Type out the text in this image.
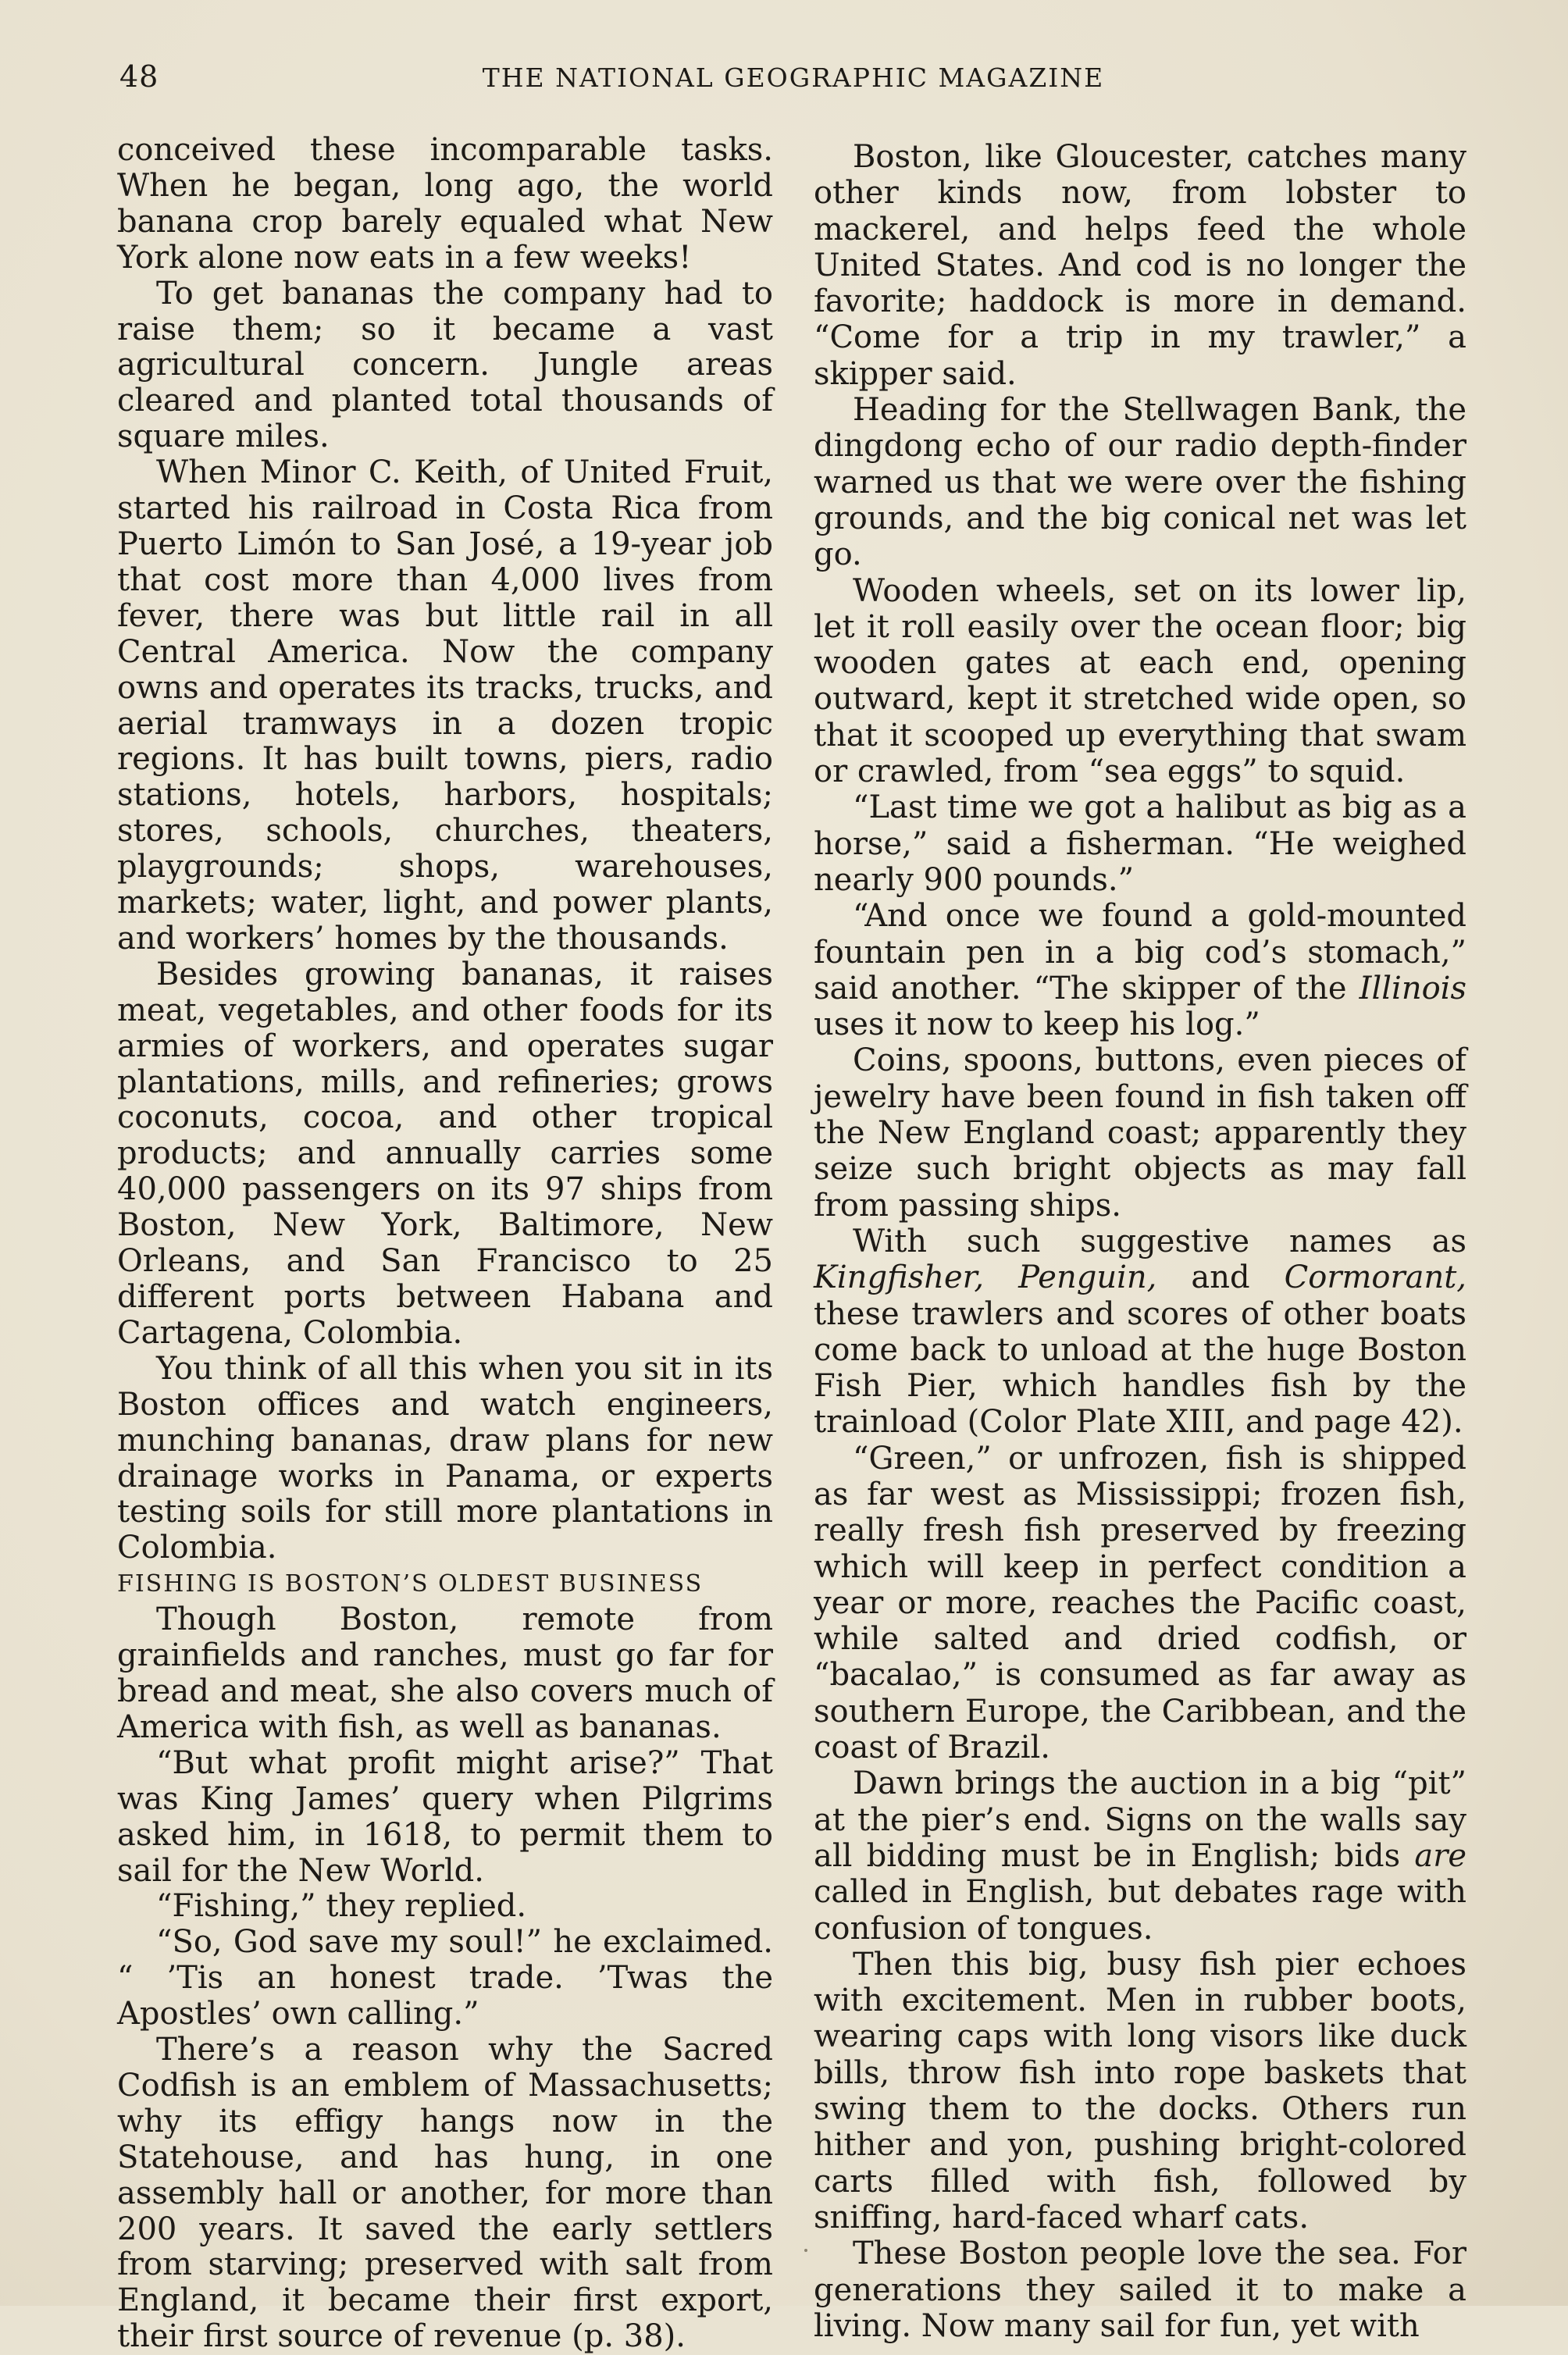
48	THE NATIONAL GEOGRAPHIC MAGAZINE

conceived these incomparable tasks. When he began, long ago, the world banana crop barely equaled what New York alone now eats in a few weeks!

To get bananas the company had to raise them; so it became a vast agricultural concern. Jungle areas cleared and planted total thousands of square miles.

When Minor C. Keith, of United Fruit, started his railroad in Costa Rica from Puerto Limón to San José, a 19-year job that cost more than 4,000 lives from fever, there was but little rail in all Central America. Now the company owns and operates its tracks, trucks, and aerial tramways in a dozen tropic regions. It has built towns, piers, radio stations, hotels, harbors, hospitals; stores, schools, churches, theaters, playgrounds; shops, warehouses, markets; water, light, and power plants, and workers’ homes by the thousands.

Besides growing bananas, it raises meat, vegetables, and other foods for its armies of workers, and operates sugar plantations, mills, and refineries; grows coconuts, cocoa, and other tropical products; and annually carries some 40,000 passengers on its 97 ships from Boston, New York, Baltimore, New Orleans, and San Francisco to 25 different ports between Habana and Cartagena, Colombia.

You think of all this when you sit in its Boston offices and watch engineers, munching bananas, draw plans for new drainage works in Panama, or experts testing soils for still more plantations in Colombia.

FISHING IS BOSTON’S OLDEST BUSINESS

Though Boston, remote from grainfields and ranches, must go far for bread and meat, she also covers much of America with fish, as well as bananas.

“But what profit might arise?” That was King James’ query when Pilgrims asked him, in 1618, to permit them to sail for the New World.

“Fishing,” they replied.

“So, God save my soul!” he exclaimed. “ ’Tis an honest trade. ’Twas the Apostles’ own calling.”

There’s a reason why the Sacred Codfish is an emblem of Massachusetts; why its effigy hangs now in the Statehouse, and has hung, in one assembly hall or another, for more than 200 years. It saved the early settlers from starving; preserved with salt from England, it became their first export, their first source of revenue (p. 38).

Boston, like Gloucester, catches many other kinds now, from lobster to mackerel, and helps feed the whole United States. And cod is no longer the favorite; haddock is more in demand. “Come for a trip in my trawler,” a skipper said.

Heading for the Stellwagen Bank, the dingdong echo of our radio depth-finder warned us that we were over the fishing grounds, and the big conical net was let go.

Wooden wheels, set on its lower lip, let it roll easily over the ocean floor; big wooden gates at each end, opening outward, kept it stretched wide open, so that it scooped up everything that swam or crawled, from “sea eggs” to squid.

“Last time we got a halibut as big as a horse,” said a fisherman. “He weighed nearly 900 pounds.”

“And once we found a gold-mounted fountain pen in a big cod’s stomach,” said another. “The skipper of the Illinois uses it now to keep his log.”

Coins, spoons, buttons, even pieces of jewelry have been found in fish taken off the New England coast; apparently they seize such bright objects as may fall from passing ships.

With such suggestive names as Kingfisher, Penguin, and Cormorant, these trawlers and scores of other boats come back to unload at the huge Boston Fish Pier, which handles fish by the trainload (Color Plate XIII, and page 42).

“Green,” or unfrozen, fish is shipped as far west as Mississippi; frozen fish, really fresh fish preserved by freezing which will keep in perfect condition a year or more, reaches the Pacific coast, while salted and dried codfish, or “bacalao,” is consumed as far away as southern Europe, the Caribbean, and the coast of Brazil.

Dawn brings the auction in a big “pit” at the pier’s end. Signs on the walls say all bidding must be in English; bids are called in English, but debates rage with confusion of tongues.

Then this big, busy fish pier echoes with excitement. Men in rubber boots, wearing caps with long visors like duck bills, throw fish into rope baskets that swing them to the docks. Others run hither and yon, pushing bright-colored carts filled with fish, followed by sniffing, hard-faced wharf cats.

These Boston people love the sea. For generations they sailed it to make a living. Now many sail for fun, yet with
